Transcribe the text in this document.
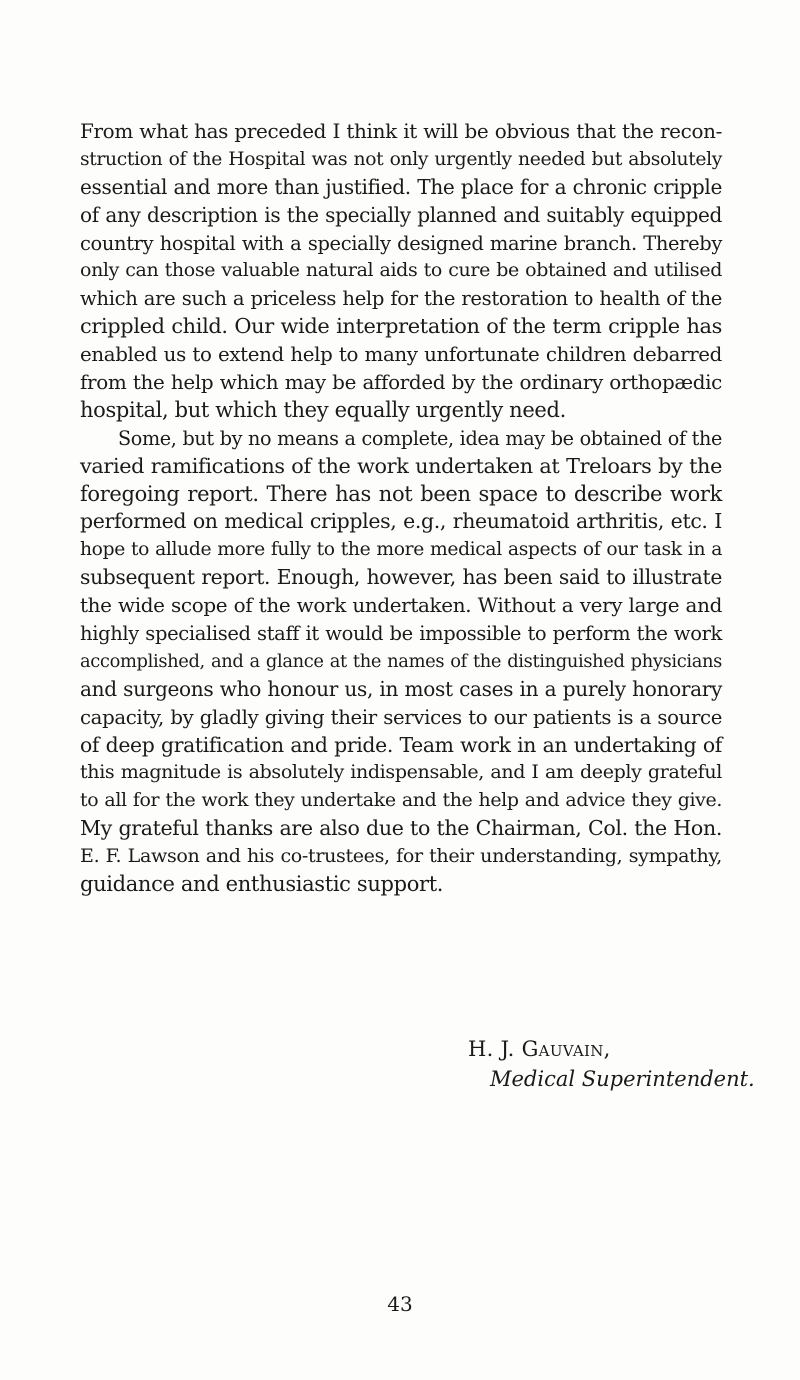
From what has preceded I think it will be obvious that the recon-
struction of the Hospital was not only urgently needed but absolutely
essential and more than justified. The place for a chronic cripple
of any description is the specially planned and suitably equipped
country hospital with a specially designed marine branch. Thereby
only can those valuable natural aids to cure be obtained and utilised
which are such a priceless help for the restoration to health of the
crippled child. Our wide interpretation of the term cripple has
enabled us to extend help to many unfortunate children debarred
from the help which may be afforded by the ordinary orthopædic
hospital, but which they equally urgently need.
Some, but by no means a complete, idea may be obtained of the
varied ramifications of the work undertaken at Treloars by the
foregoing report. There has not been space to describe work
performed on medical cripples, e.g., rheumatoid arthritis, etc. I
hope to allude more fully to the more medical aspects of our task in a
subsequent report. Enough, however, has been said to illustrate
the wide scope of the work undertaken. Without a very large and
highly specialised staff it would be impossible to perform the work
accomplished, and a glance at the names of the distinguished physicians
and surgeons who honour us, in most cases in a purely honorary
capacity, by gladly giving their services to our patients is a source
of deep gratification and pride. Team work in an undertaking of
this magnitude is absolutely indispensable, and I am deeply grateful
to all for the work they undertake and the help and advice they give.
My grateful thanks are also due to the Chairman, Col. the Hon.
E. F. Lawson and his co-trustees, for their understanding, sympathy,
guidance and enthusiastic support.
H. J. Gauvain,
Medical Superintendent.
43
